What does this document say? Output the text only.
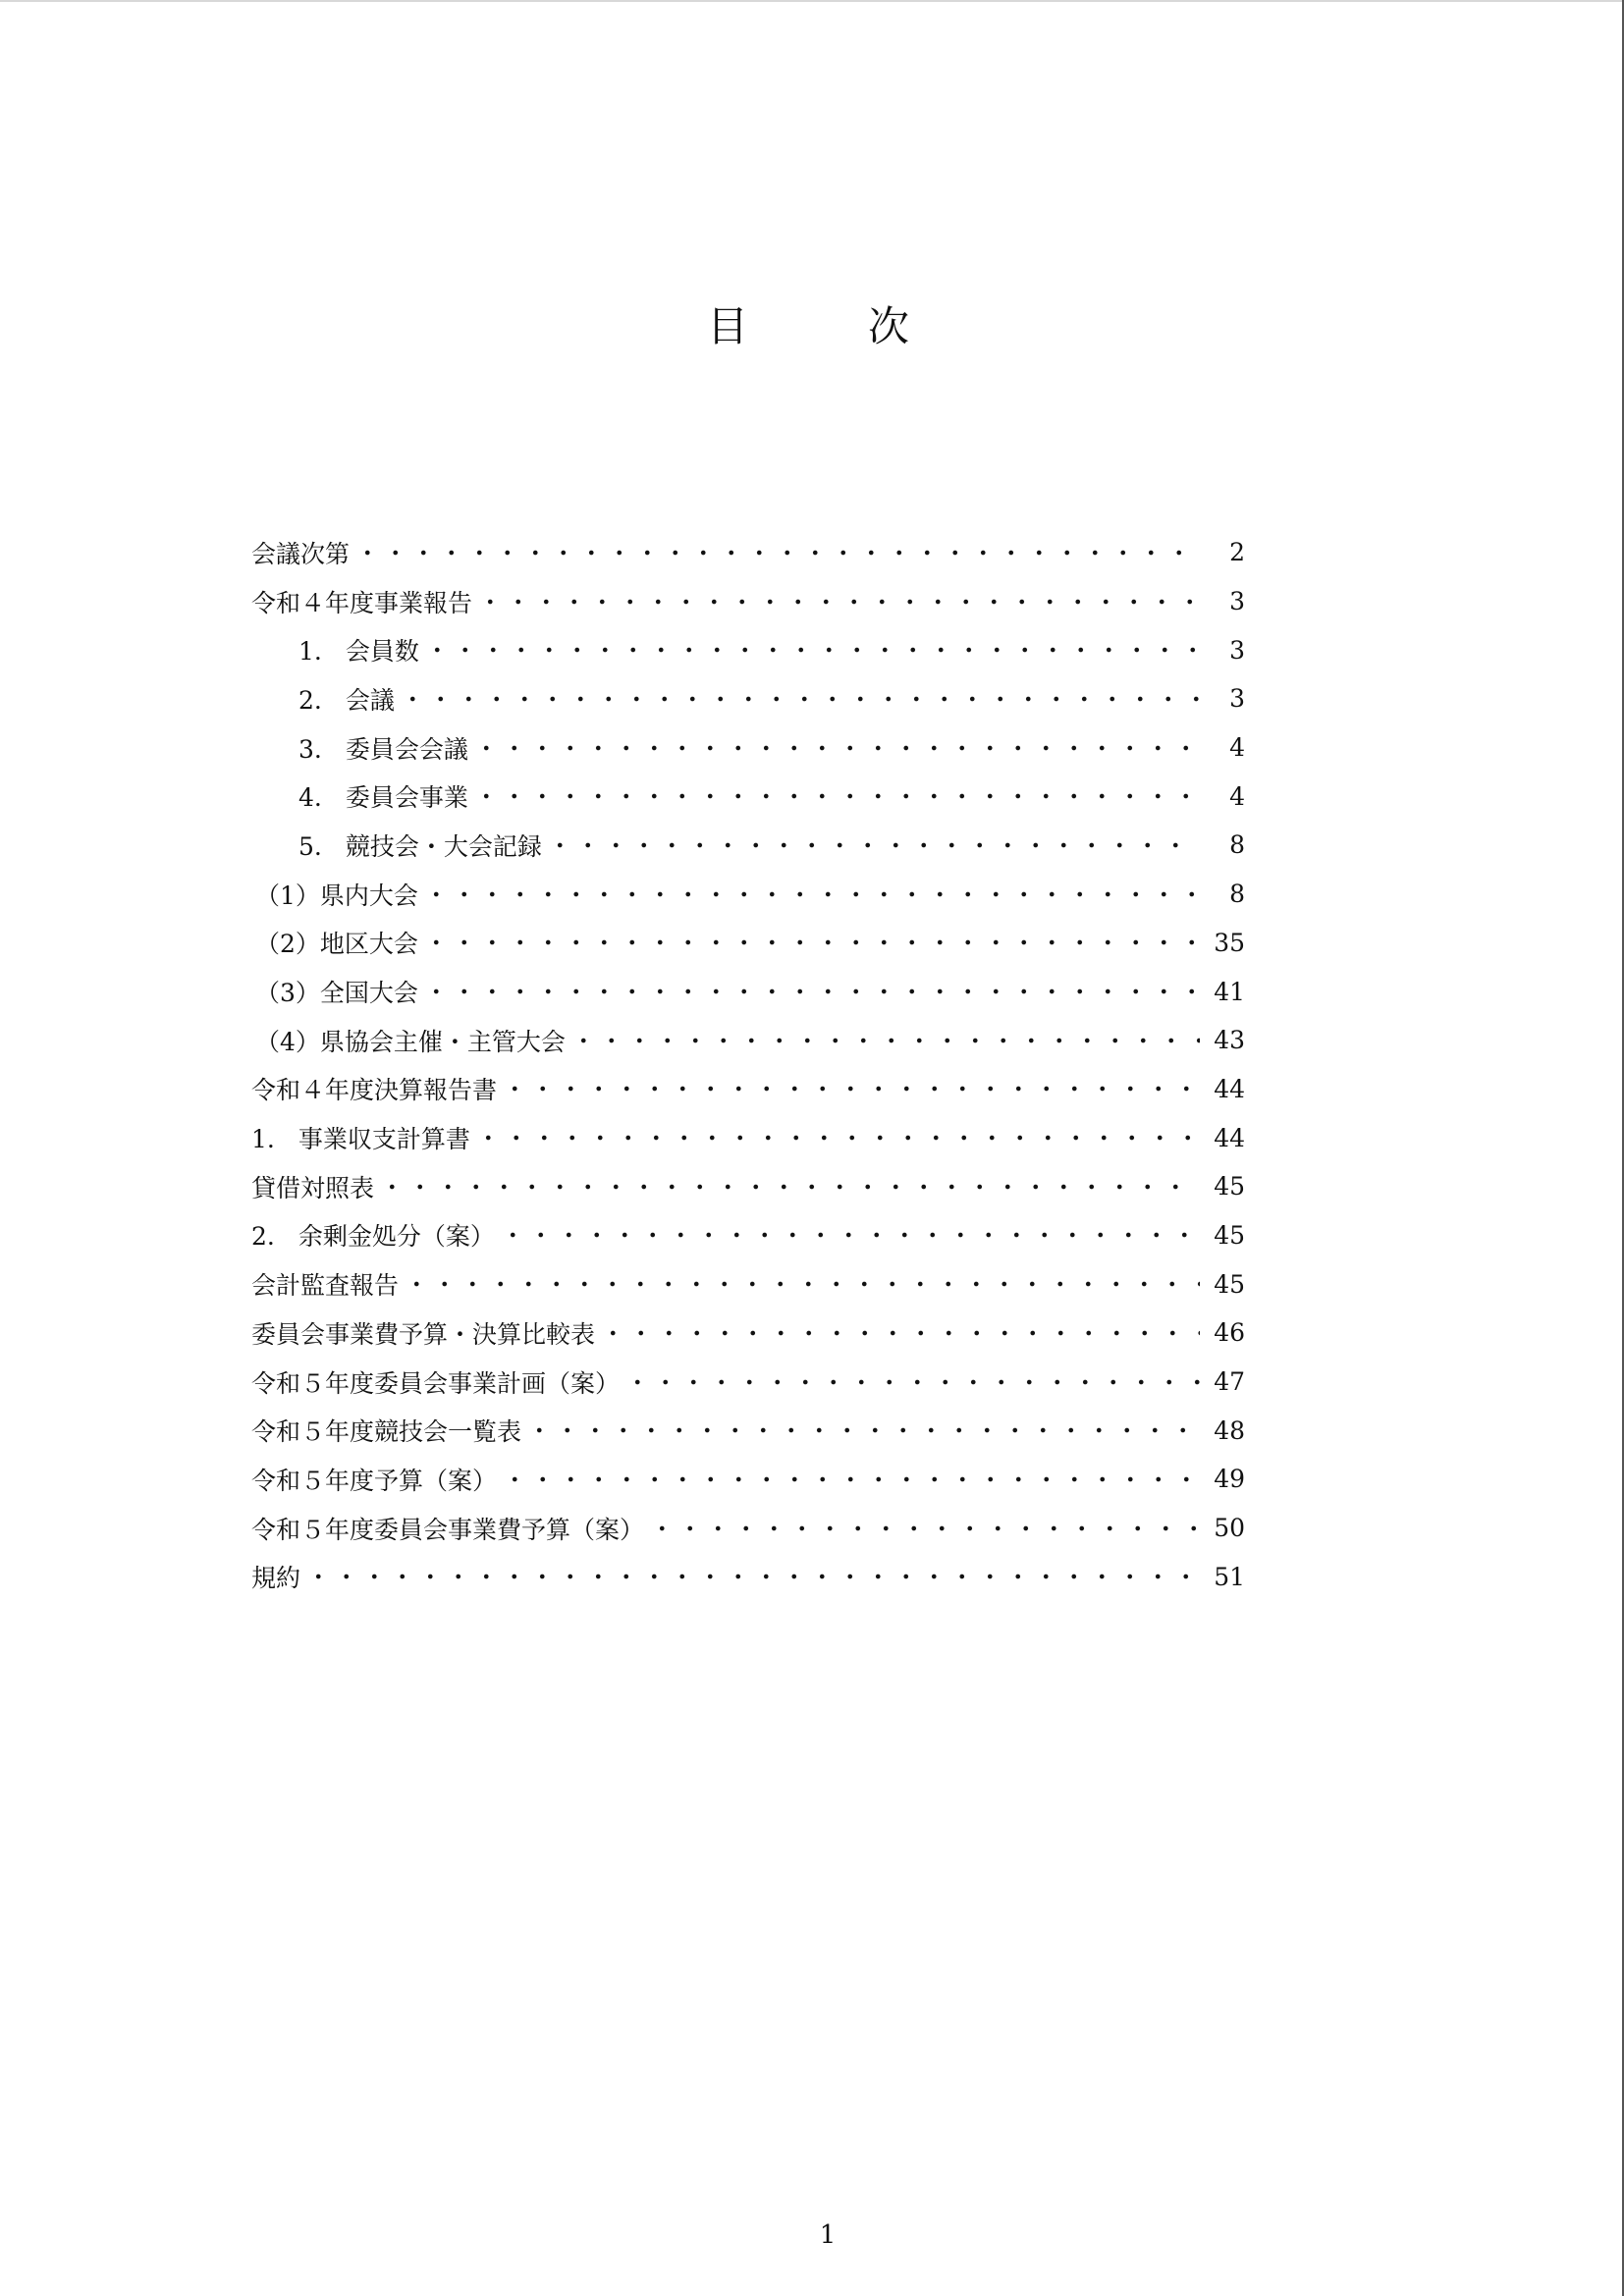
目　次
会議次第	2
令和４年度事業報告	3
1. 会員数	3
2. 会議	3
3. 委員会会議	4
4. 委員会事業	4
5. 競技会・大会記録	8
（1）県内大会	8
（2）地区大会	35
（3）全国大会	41
（4）県協会主催・主管大会	43
令和４年度決算報告書	44
1. 事業収支計算書	44
貸借対照表	45
2. 余剰金処分（案）	45
会計監査報告	45
委員会事業費予算・決算比較表	46
令和５年度委員会事業計画（案）	47
令和５年度競技会一覧表	48
令和５年度予算（案）	49
令和５年度委員会事業費予算（案）	50
規約	51
1
